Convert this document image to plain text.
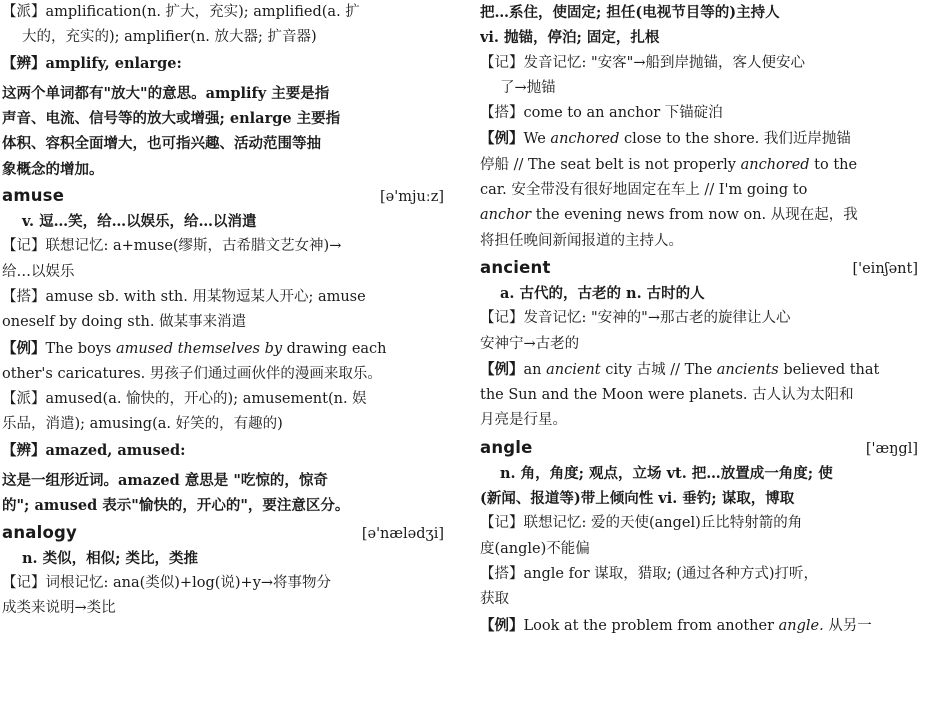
【派】amplification(n. 扩大，充实); amplified(a. 扩
大的，充实的); amplifier(n. 放大器; 扩音器)
【辨】amplify, enlarge:
这两个单词都有"放大"的意思。amplify 主要是指
声音、电流、信号等的放大或增强; enlarge 主要指
体积、容积全面增大，也可指兴趣、活动范围等抽
象概念的增加。
amuse	[ə'mjuːz]
v. 逗…笑，给…以娱乐，给…以消遣
【记】联想记忆: a+muse(缪斯，古希腊文艺女神)→
给…以娱乐
【搭】amuse sb. with sth. 用某物逗某人开心; amuse
oneself by doing sth. 做某事来消遣
【例】The boys amused themselves by drawing each
other's caricatures. 男孩子们通过画伙伴的漫画来取乐。
【派】amused(a. 愉快的，开心的); amusement(n. 娱
乐品，消遣); amusing(a. 好笑的，有趣的)
【辨】amazed, amused:
这是一组形近词。amazed 意思是 "吃惊的，惊奇
的"; amused 表示"愉快的，开心的"，要注意区分。
analogy	[ə'nælədʒi]
n. 类似，相似; 类比，类推
【记】词根记忆: ana(类似)+log(说)+y→将事物分
成类来说明→类比
把…系住，使固定; 担任(电视节目等的)主持人
vi. 抛锚，停泊; 固定，扎根
【记】发音记忆: "安客"→船到岸抛锚，客人便安心
了→抛锚
【搭】come to an anchor 下锚碇泊
【例】We anchored close to the shore. 我们近岸抛锚
停船 // The seat belt is not properly anchored to the
car. 安全带没有很好地固定在车上 // I'm going to
anchor the evening news from now on. 从现在起，我
将担任晚间新闻报道的主持人。
ancient	['einʃənt]
a. 古代的，古老的 n. 古时的人
【记】发音记忆: "安神的"→那古老的旋律让人心
安神宁→古老的
【例】an ancient city 古城 // The ancients believed that
the Sun and the Moon were planets. 古人认为太阳和
月亮是行星。
angle	['æŋgl]
n. 角，角度; 观点，立场 vt. 把…放置成一角度; 使
(新闻、报道等)带上倾向性 vi. 垂钓; 谋取，博取
【记】联想记忆: 爱的天使(angel)丘比特射箭的角
度(angle)不能偏
【搭】angle for 谋取，猎取; (通过各种方式)打听，
获取
【例】Look at the problem from another angle. 从另一
